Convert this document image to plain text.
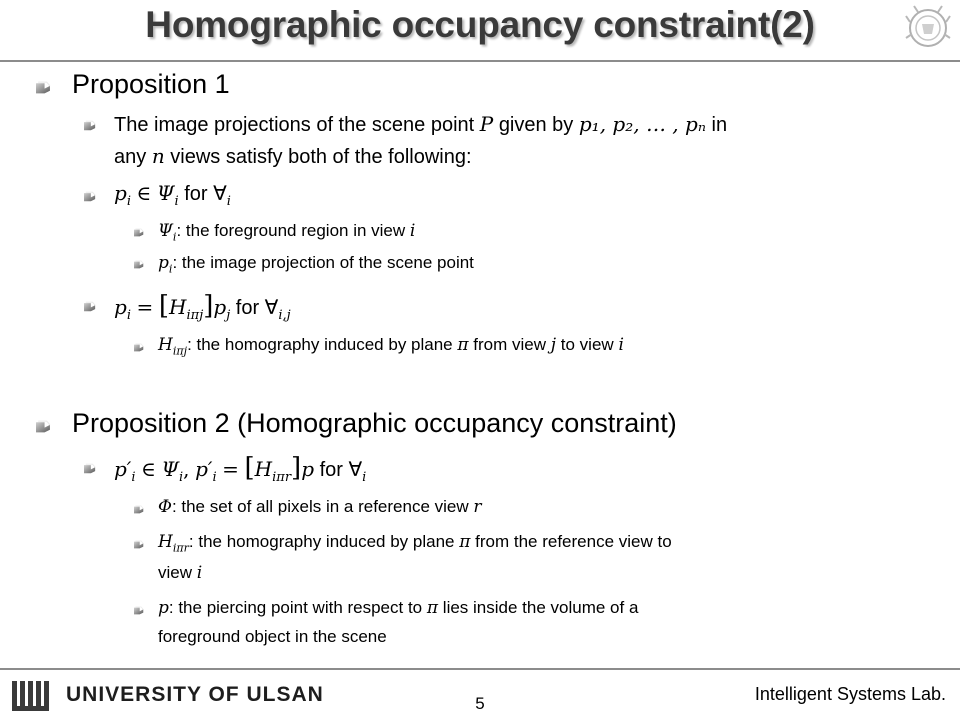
Homographic occupancy constraint(2)
Proposition 1
The image projections of the scene point P given by p₁, p₂, … , pₙ in
any n views satisfy both of the following:
$p_i$ ∈ $\Psi_i$ for $\forall_i$
$\Psi_i$: the foreground region in view i
$p_i$: the image projection of the scene point
$p_i = [H_{i\pi j}]p_j$ for $\forall_{i,j}$
$H_{i\pi j}$: the homography induced by plane π from view j to view i
Proposition 2 (Homographic occupancy constraint)
$p'_i$ ∈ $\Psi_i$, $p'_i = [H_{i\pi r}]p$ for $\forall_i$
Φ: the set of all pixels in a reference view r
$H_{i\pi r}$: the homography induced by plane π from the reference view to
view i
p: the piercing point with respect to π lies inside the volume of a
foreground object in the scene
UNIVERSITY OF ULSAN	5	Intelligent Systems Lab.
